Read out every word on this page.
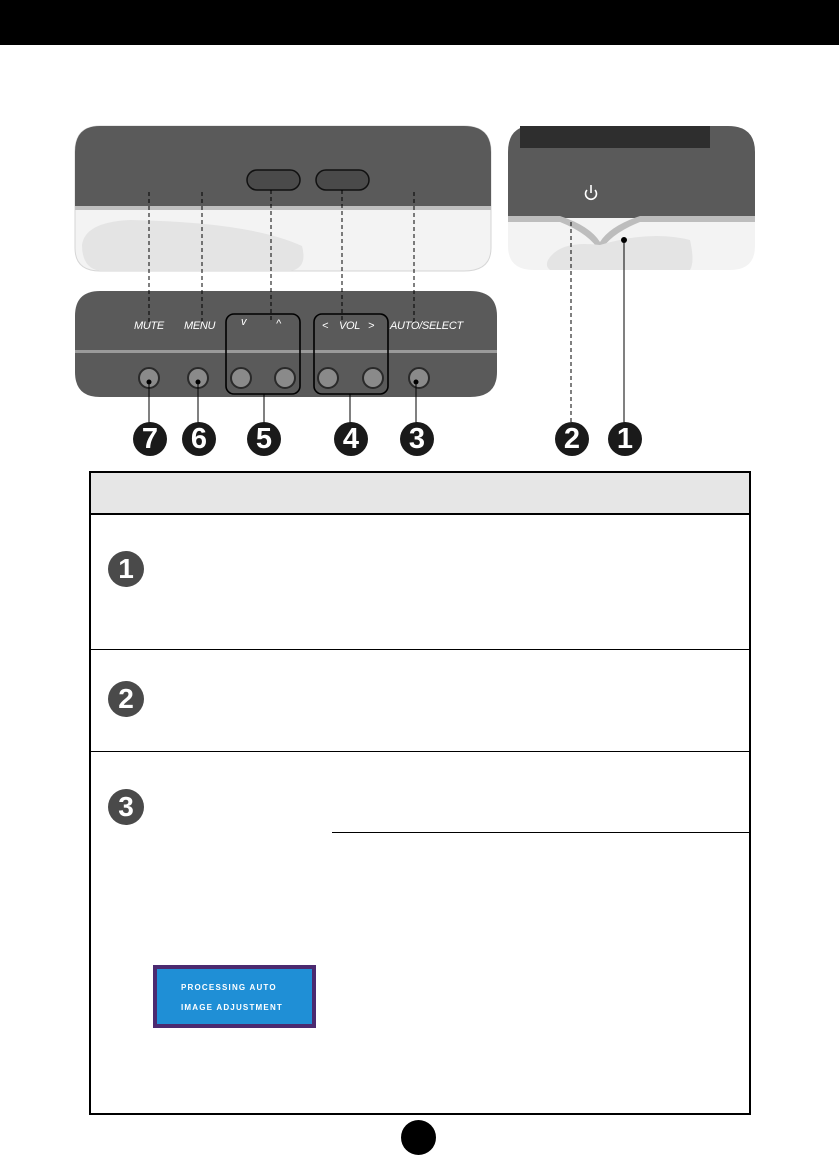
MUTE MENU v	^	< VOL > AUTO/SELECT
7	6	5	4	3	2	1
1
2
3
PROCESSING AUTO
IMAGE ADJUSTMENT
